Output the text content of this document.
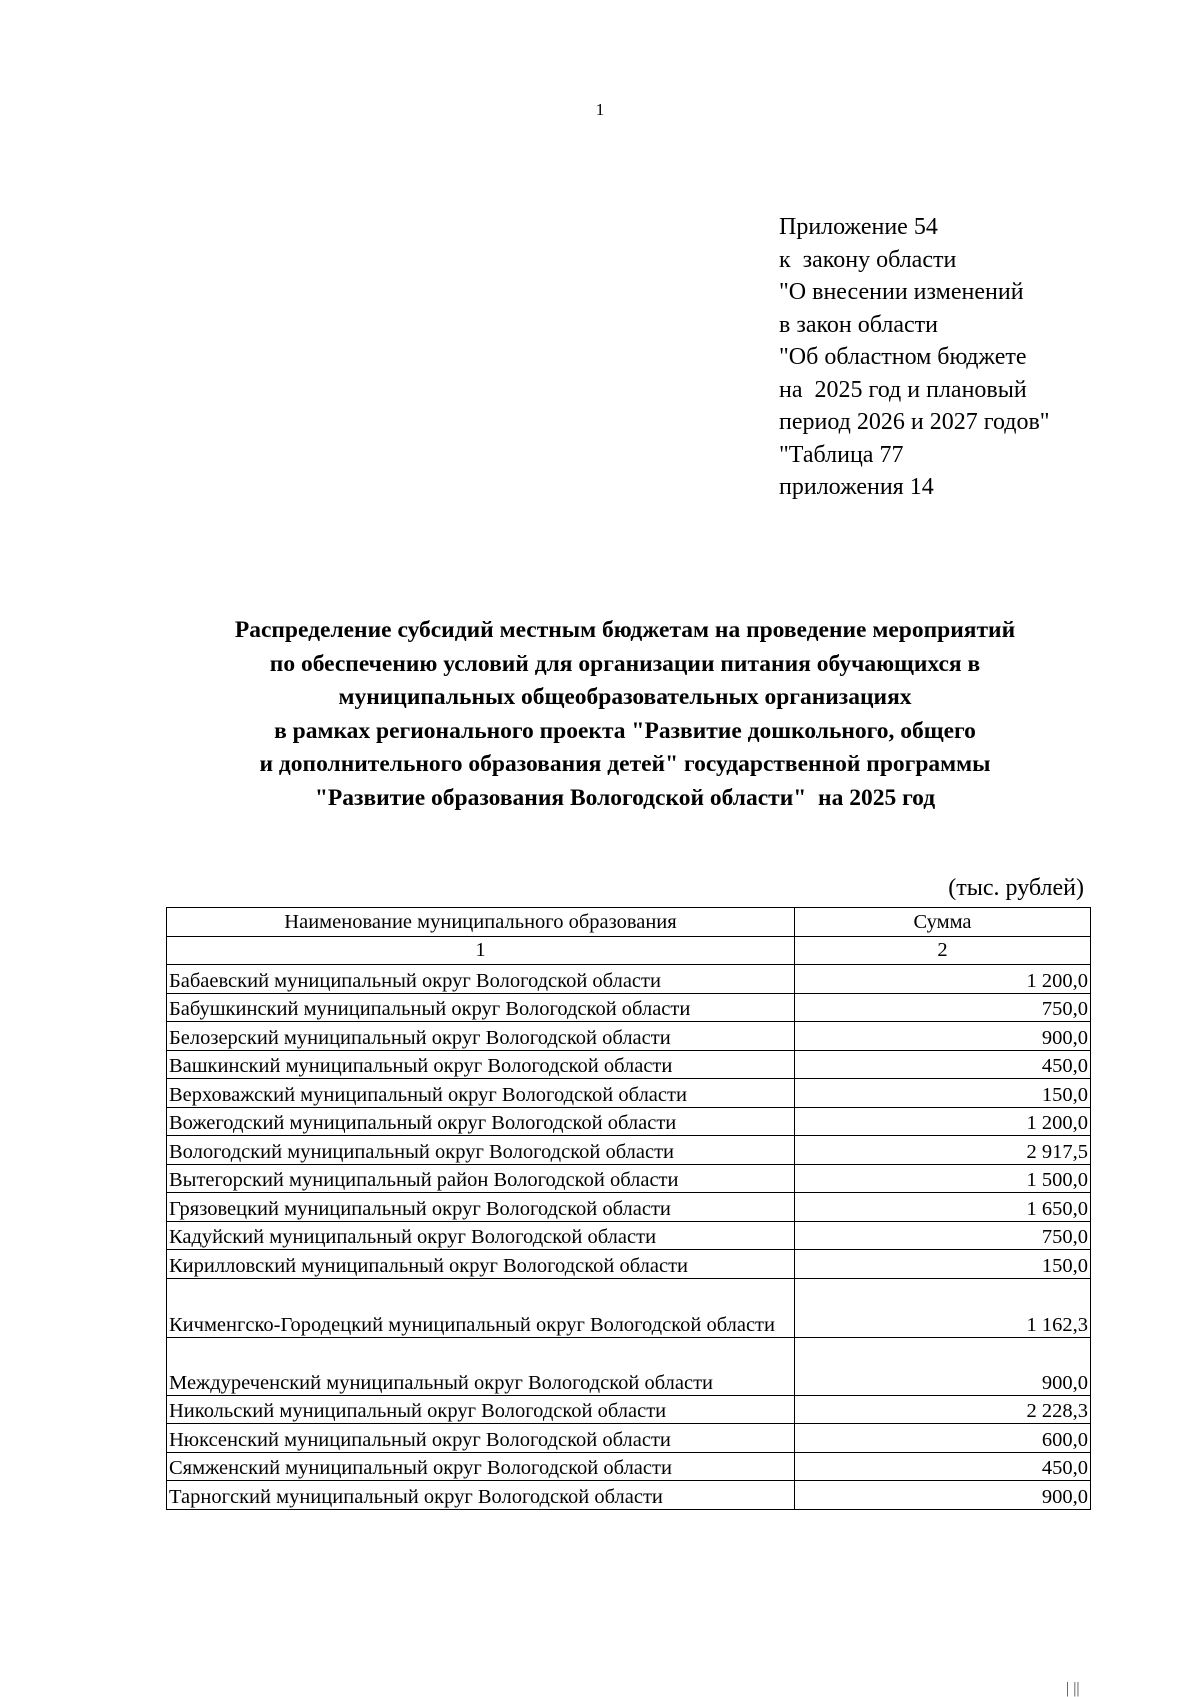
1
Приложение 54
к  закону области
"О внесении изменений
в закон области
"Об областном бюджете
на  2025 год и плановый
период 2026 и 2027 годов"
"Таблица 77
приложения 14
Распределение субсидий местным бюджетам на проведение мероприятий
по обеспечению условий для организации питания обучающихся в
муниципальных общеобразовательных организациях
в рамках регионального проекта "Развитие дошкольного, общего
и дополнительного образования детей" государственной программы
"Развитие образования Вологодской области"  на 2025 год
(тыс. рублей)
Наименование муниципального образования	Сумма
1	2
Бабаевский муниципальный округ Вологодской области	1 200,0
Бабушкинский муниципальный округ Вологодской области	750,0
Белозерский муниципальный округ Вологодской области	900,0
Вашкинский муниципальный округ Вологодской области	450,0
Верховажский муниципальный округ Вологодской области	150,0
Вожегодский муниципальный округ Вологодской области	1 200,0
Вологодский муниципальный округ Вологодской области	2 917,5
Вытегорский муниципальный район Вологодской области	1 500,0
Грязовецкий муниципальный округ Вологодской области	1 650,0
Кадуйский муниципальный округ Вологодской области	750,0
Кирилловский муниципальный округ Вологодской области	150,0
Кичменгско-Городецкий муниципальный округ Вологодской области	1 162,3
Междуреченский муниципальный округ Вологодской области	900,0
Никольский муниципальный округ Вологодской области	2 228,3
Нюксенский муниципальный округ Вологодской области	600,0
Сямженский муниципальный округ Вологодской области	450,0
Тарногский муниципальный округ Вологодской области	900,0
| ||
